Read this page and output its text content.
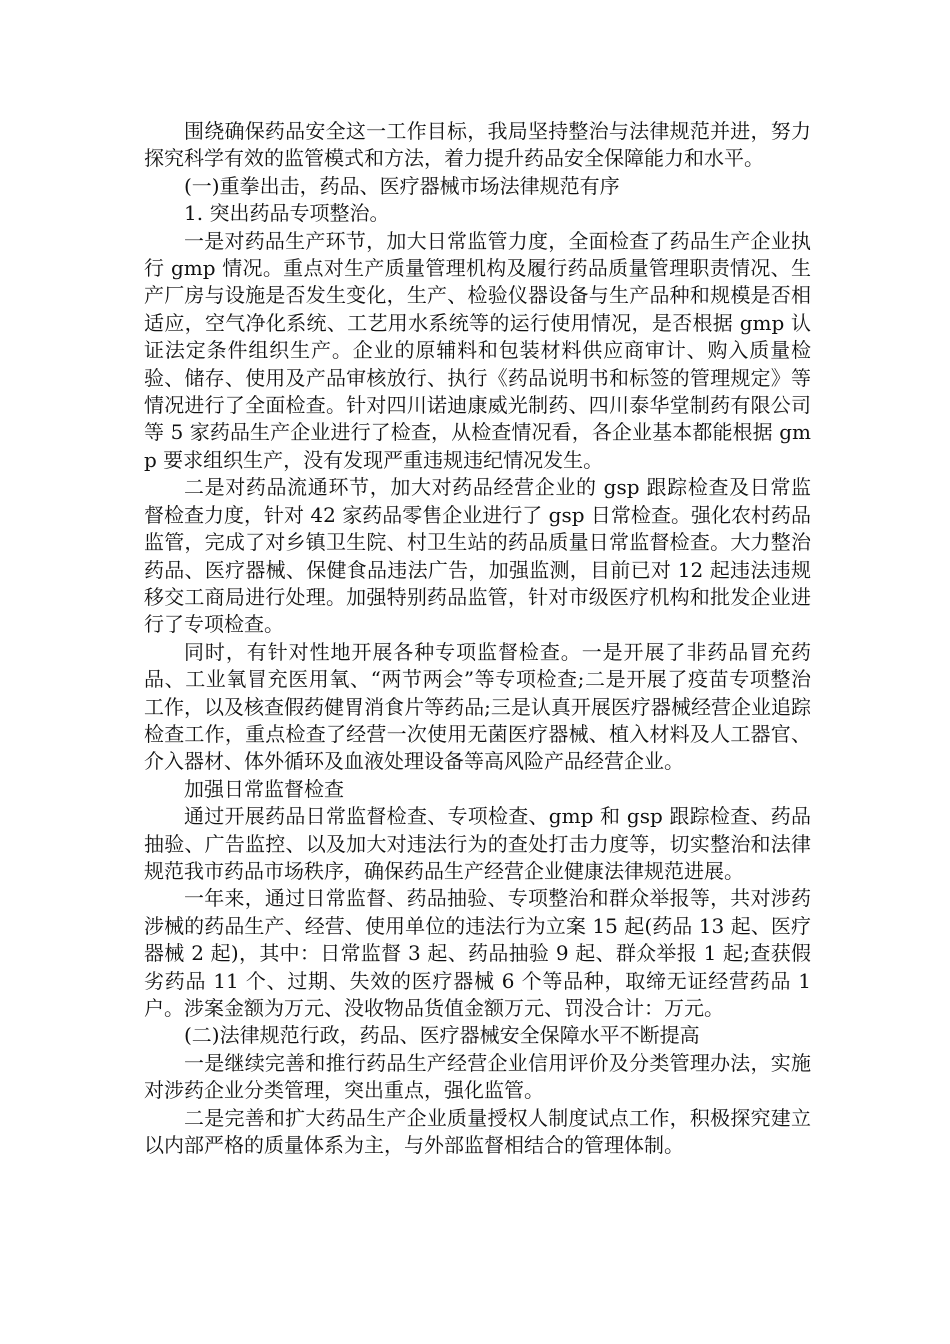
围绕确保药品安全这一工作目标，我局坚持整治与法律规范并进，努力探究科学有效的监管模式和方法，着力提升药品安全保障能力和水平。

(一)重拳出击，药品、医疗器械市场法律规范有序

1. 突出药品专项整治。

一是对药品生产环节，加大日常监管力度，全面检查了药品生产企业执行 gmp 情况。重点对生产质量管理机构及履行药品质量管理职责情况、生产厂房与设施是否发生变化，生产、检验仪器设备与生产品种和规模是否相适应，空气净化系统、工艺用水系统等的运行使用情况，是否根据 gmp 认证法定条件组织生产。企业的原辅料和包装材料供应商审计、购入质量检验、储存、使用及产品审核放行、执行《药品说明书和标签的管理规定》等情况进行了全面检查。针对四川诺迪康威光制药、四川泰华堂制药有限公司等 5 家药品生产企业进行了检查，从检查情况看，各企业基本都能根据 gmp 要求组织生产，没有发现严重违规违纪情况发生。

二是对药品流通环节，加大对药品经营企业的 gsp 跟踪检查及日常监督检查力度，针对 42 家药品零售企业进行了 gsp 日常检查。强化农村药品监管，完成了对乡镇卫生院、村卫生站的药品质量日常监督检查。大力整治药品、医疗器械、保健食品违法广告，加强监测，目前已对 12 起违法违规移交工商局进行处理。加强特别药品监管，针对市级医疗机构和批发企业进行了专项检查。

同时，有针对性地开展各种专项监督检查。一是开展了非药品冒充药品、工业氧冒充医用氧、“两节两会”等专项检查;二是开展了疫苗专项整治工作，以及核查假药健胃消食片等药品;三是认真开展医疗器械经营企业追踪检查工作，重点检查了经营一次使用无菌医疗器械、植入材料及人工器官、介入器材、体外循环及血液处理设备等高风险产品经营企业。

加强日常监督检查

通过开展药品日常监督检查、专项检查、gmp 和 gsp 跟踪检查、药品抽验、广告监控、以及加大对违法行为的查处打击力度等，切实整治和法律规范我市药品市场秩序，确保药品生产经营企业健康法律规范进展。

一年来，通过日常监督、药品抽验、专项整治和群众举报等，共对涉药涉械的药品生产、经营、使用单位的违法行为立案 15 起(药品 13 起、医疗器械 2 起)，其中：日常监督 3 起、药品抽验 9 起、群众举报 1 起;查获假劣药品 11 个、过期、失效的医疗器械 6 个等品种，取缔无证经营药品 1 户。涉案金额为万元、没收物品货值金额万元、罚没合计：万元。

(二)法律规范行政，药品、医疗器械安全保障水平不断提高

一是继续完善和推行药品生产经营企业信用评价及分类管理办法，实施对涉药企业分类管理，突出重点，强化监管。

二是完善和扩大药品生产企业质量授权人制度试点工作，积极探究建立以内部严格的质量体系为主，与外部监督相结合的管理体制。
